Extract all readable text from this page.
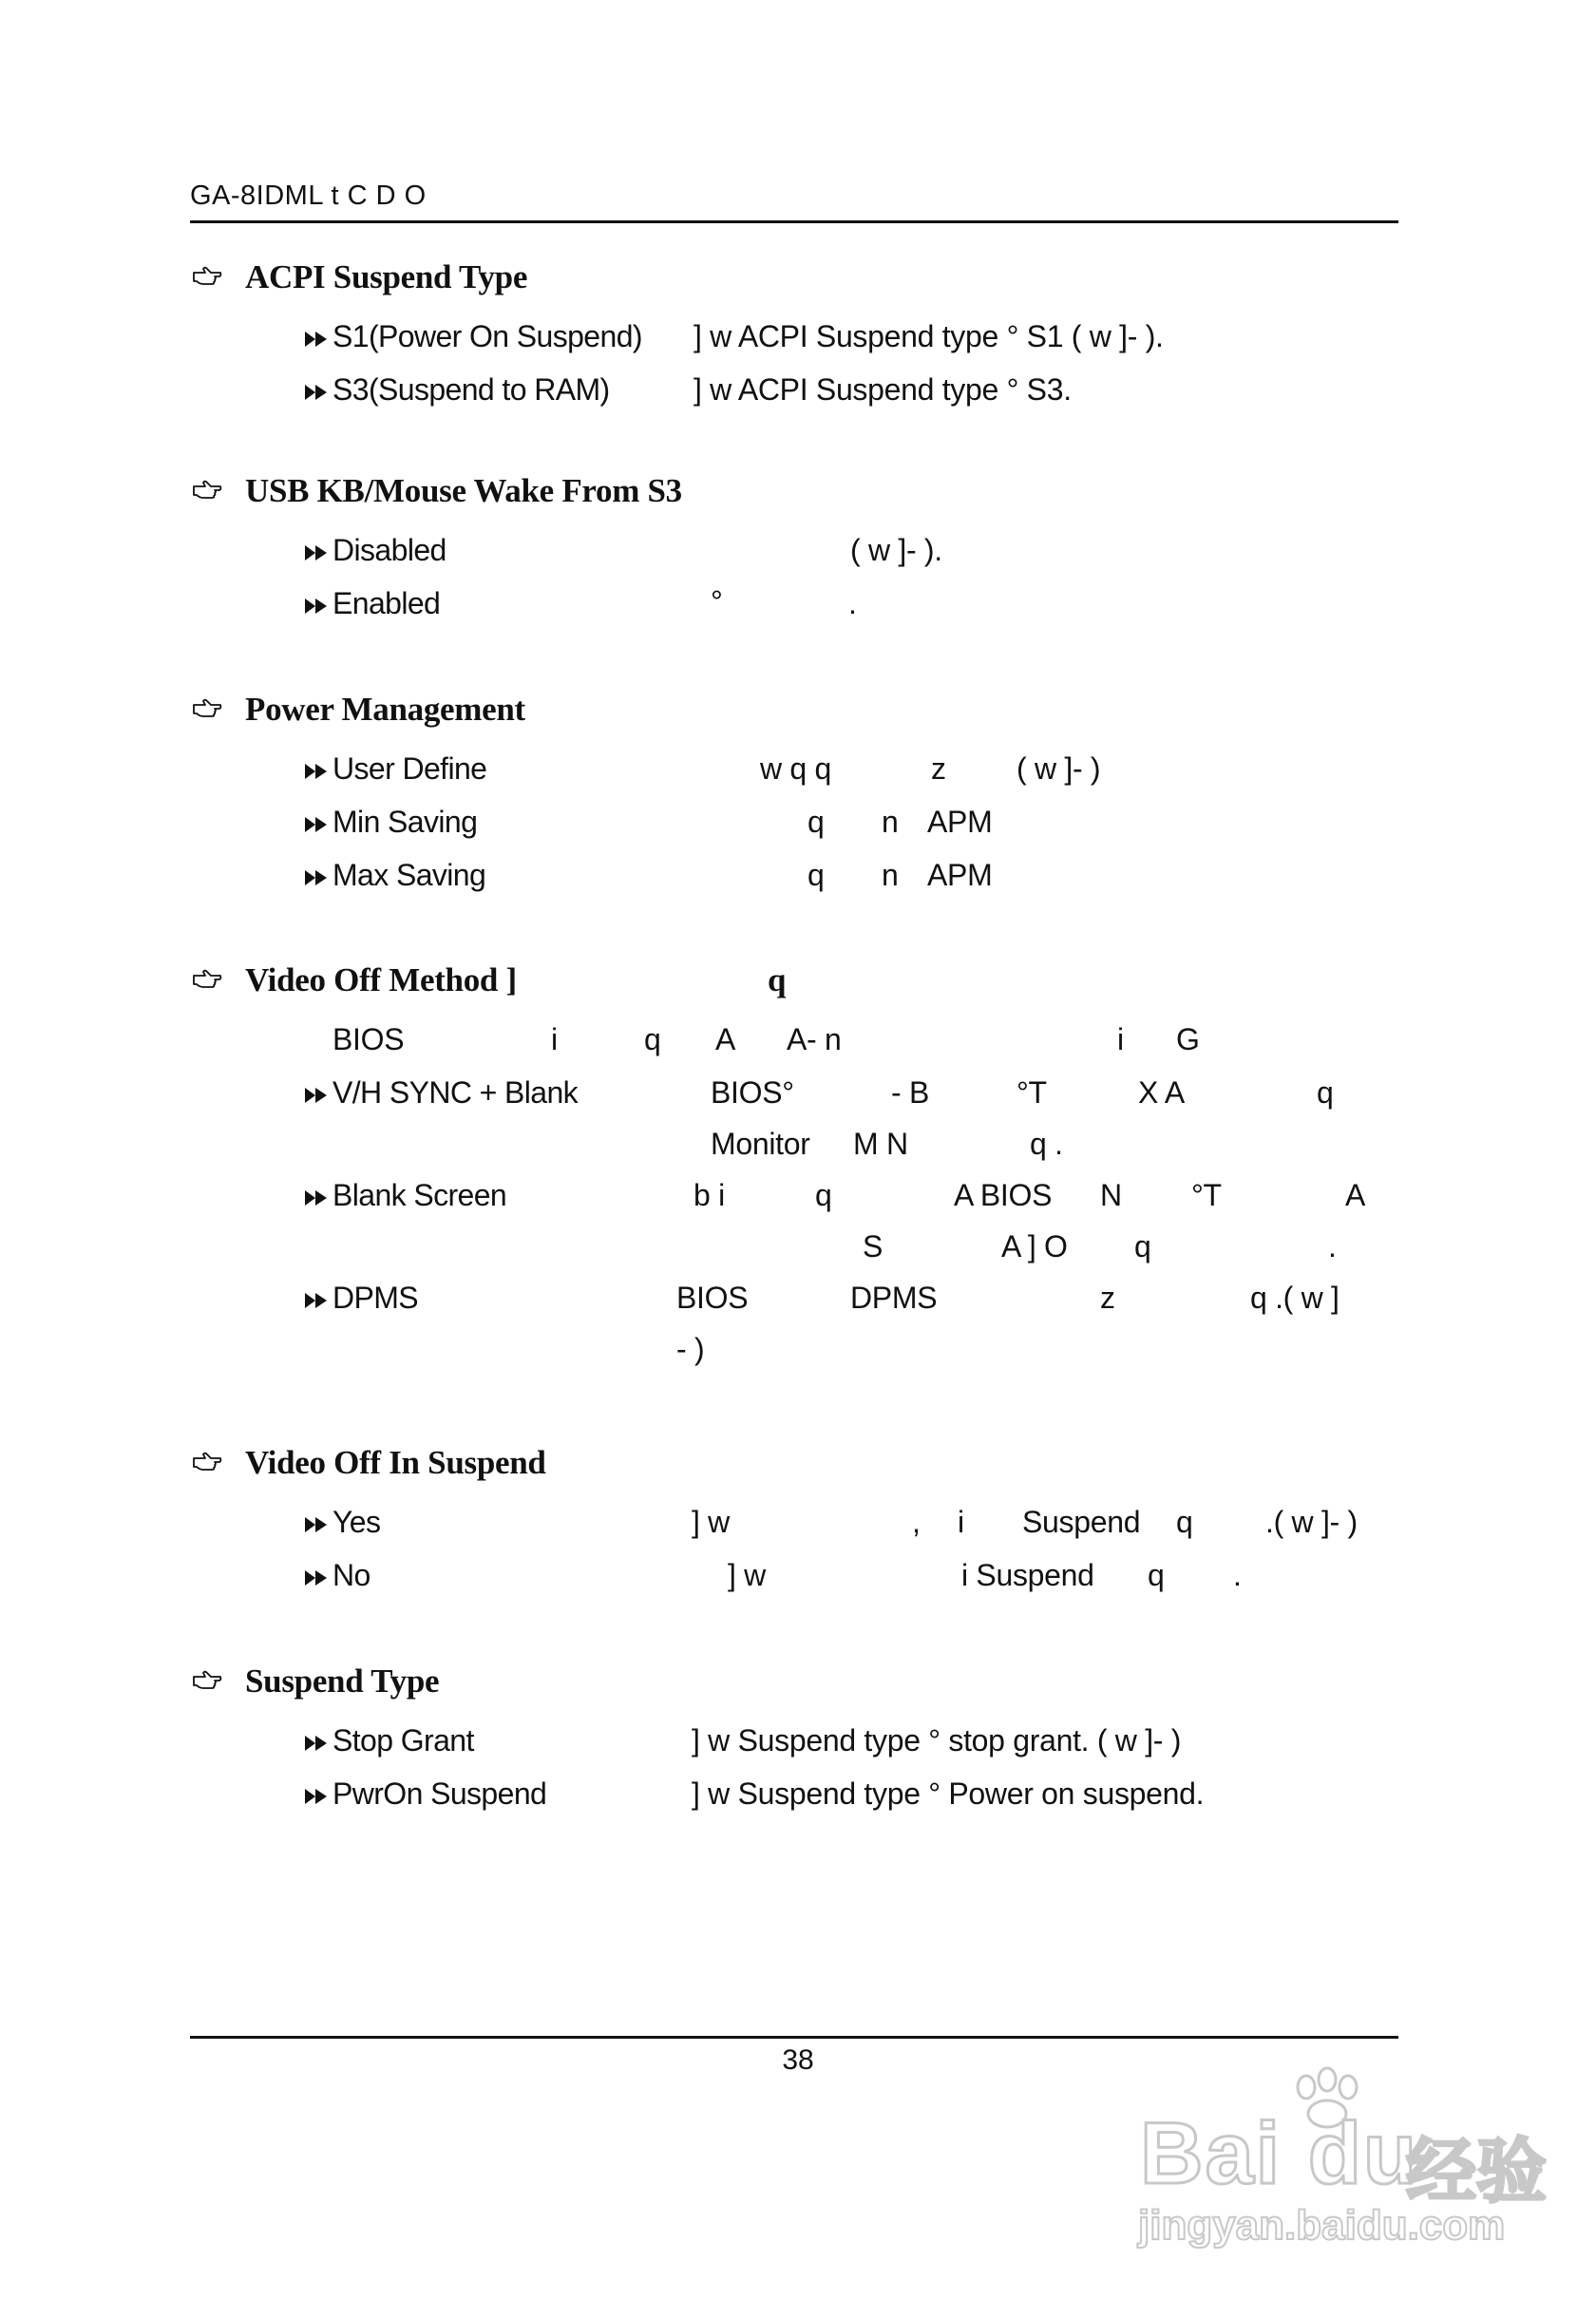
GA-8IDML t C D O
ACPI Suspend Type
S1(Power On Suspend) ] w ACPI Suspend type ° S1 ( w ]- ).
S3(Suspend to RAM)	] w ACPI Suspend type ° S3.
USB KB/Mouse Wake From S3
Disabled	( w ]- ).
Enabled	°	.
Power Management
User Define	w q q	z ( w ]- )
Min Saving	q n APM
Max Saving	q n APM
Video Off Method ]	q
BIOS	i	q A A- n	i G
V/H SYNC + Blank	BIOS°	- B	°T	X A	q
Monitor M N	q .
Blank Screen	b i	q	A BIOS N °T	A
S	A ] O q	.
DPMS	BIOS	DPMS	z	q .( w ]
- )
Video Off In Suspend
Yes	] w	, i Suspend q .( w ]- )
No	] w	i Suspend q .
Suspend Type
Stop Grant	] w Suspend type ° stop grant. ( w ]- )
PwrOn Suspend	] w Suspend type ° Power on suspend.
38
Bai du
经验
jingyan.baidu.com
